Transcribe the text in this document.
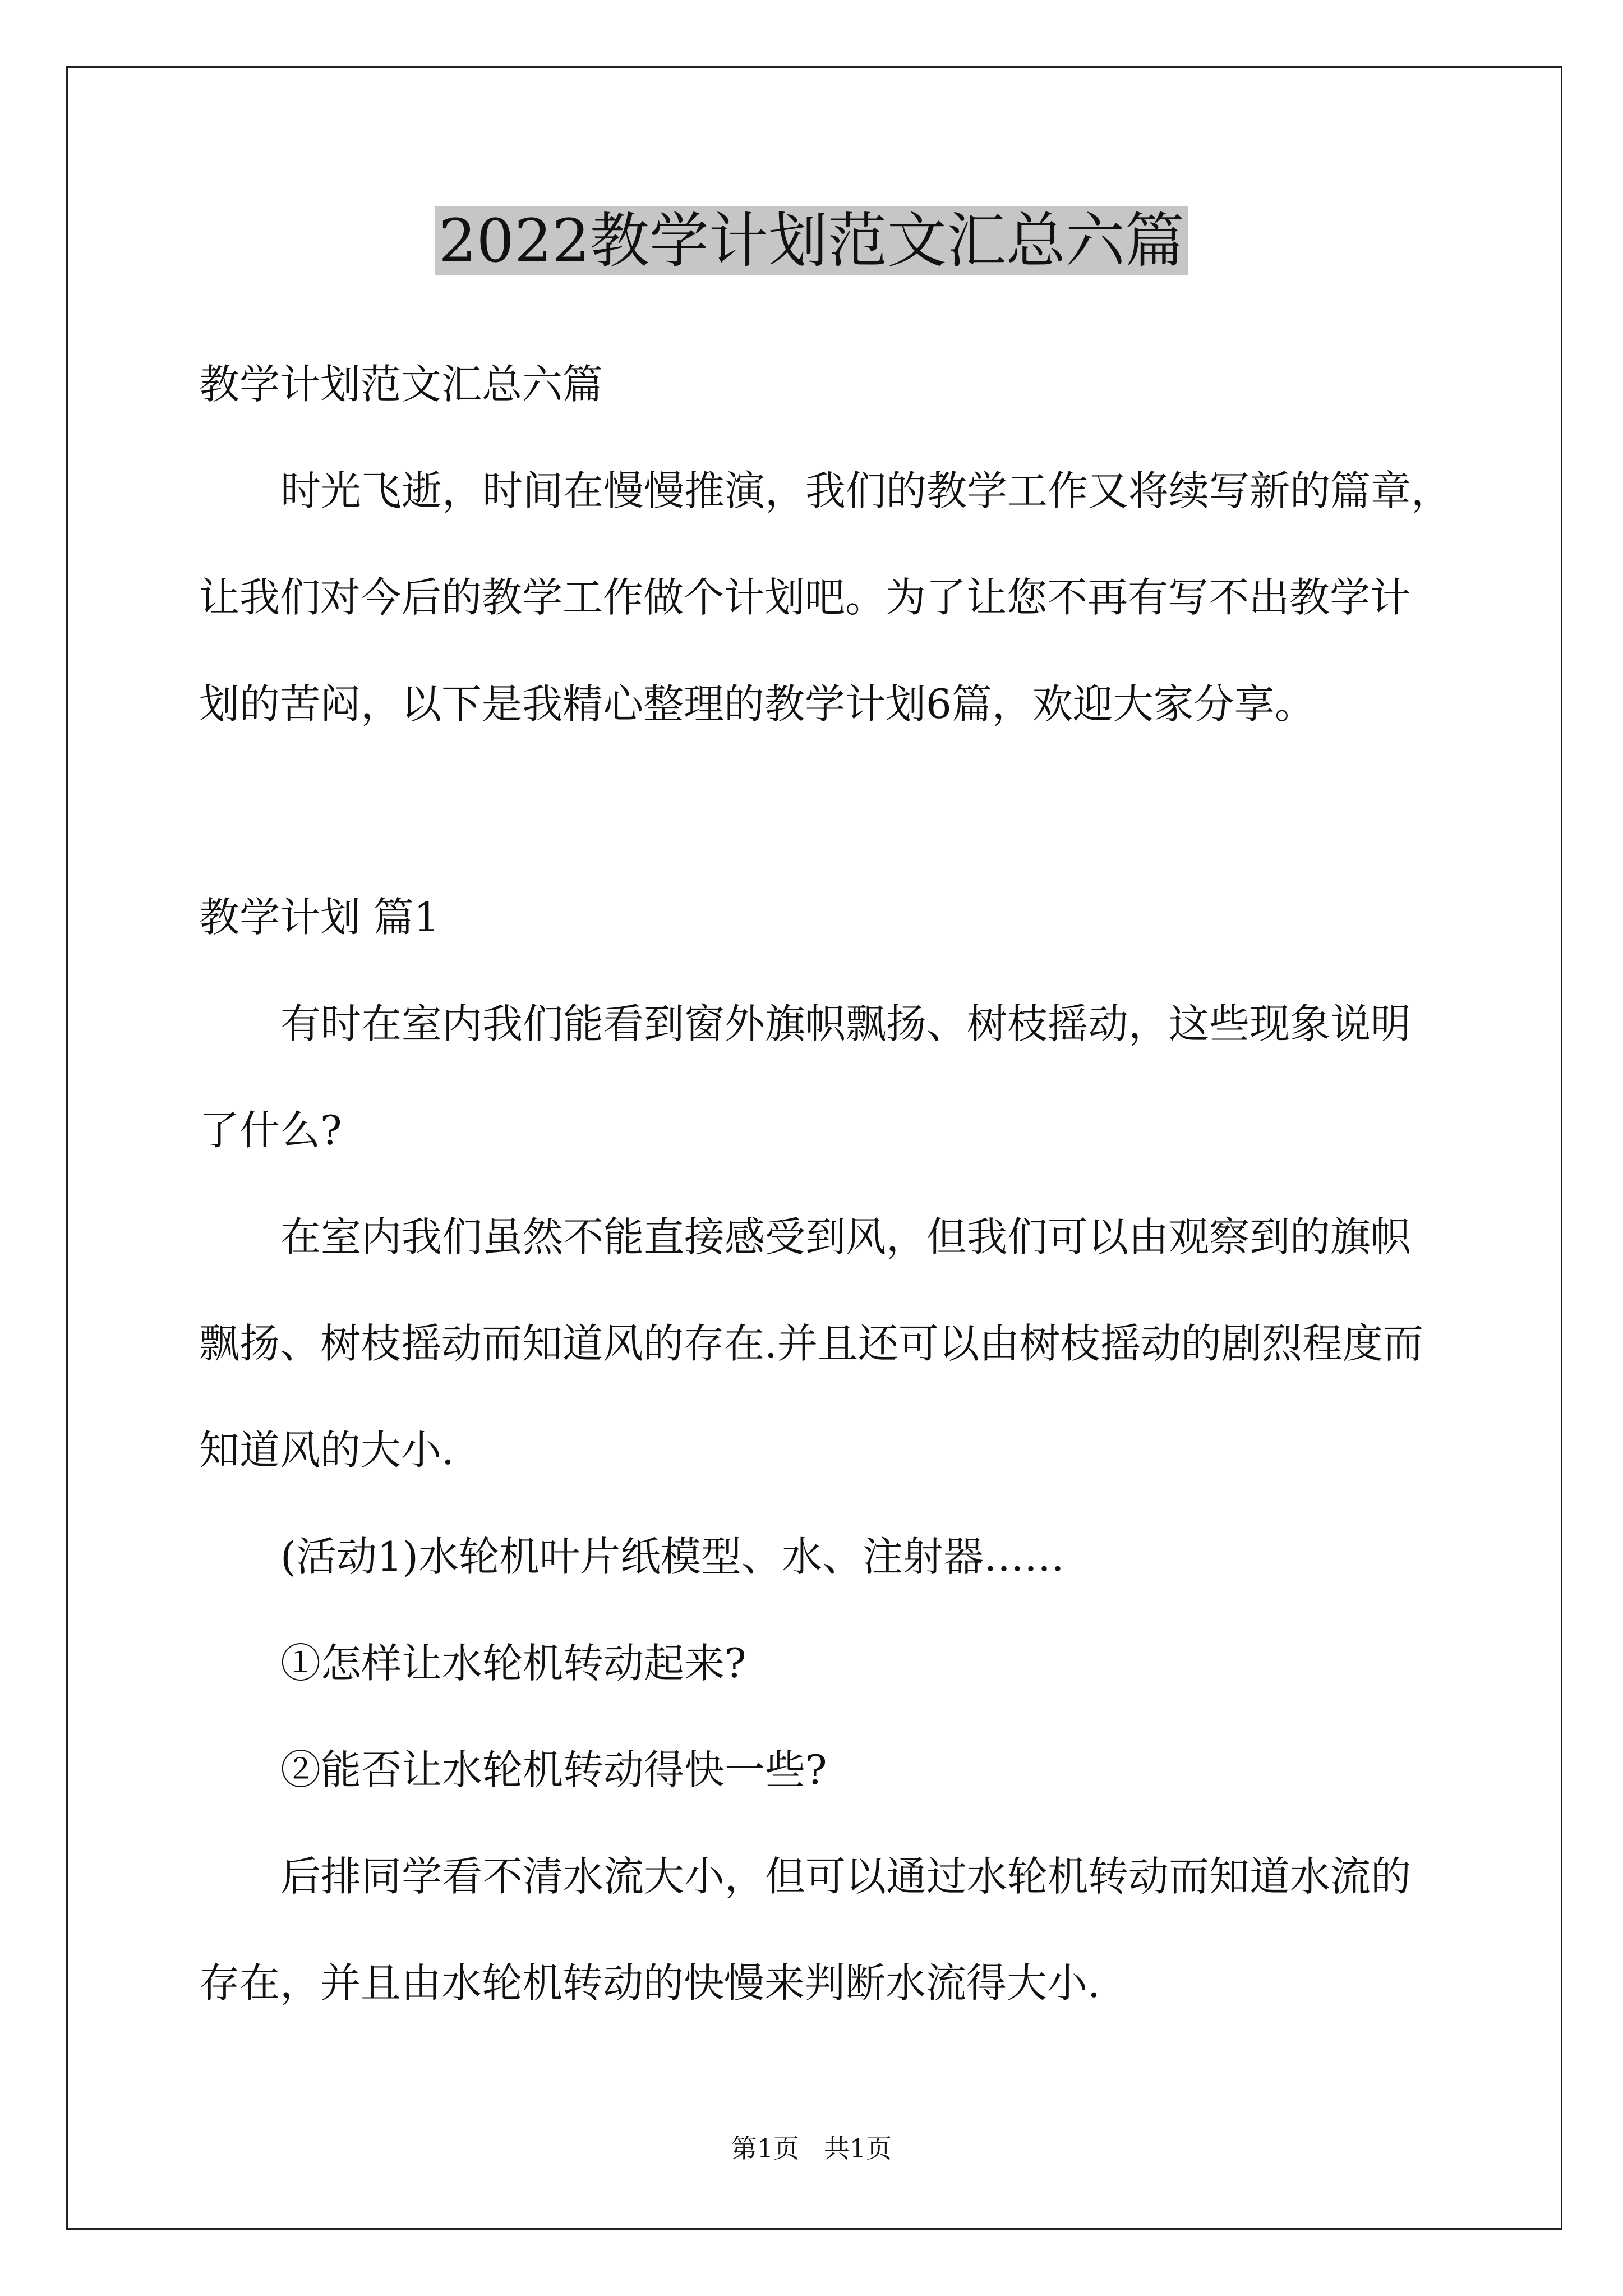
2022教学计划范文汇总六篇

教学计划范文汇总六篇

时光飞逝，时间在慢慢推演，我们的教学工作又将续写新的篇章，

让我们对今后的教学工作做个计划吧。为了让您不再有写不出教学计

划的苦闷，以下是我精心整理的教学计划6篇，欢迎大家分享。

教学计划 篇1

有时在室内我们能看到窗外旗帜飘扬、树枝摇动，这些现象说明

了什么?

在室内我们虽然不能直接感受到风，但我们可以由观察到的旗帜

飘扬、树枝摇动而知道风的存在.并且还可以由树枝摇动的剧烈程度而

知道风的大小.

(活动1)水轮机叶片纸模型、水、注射器……

①怎样让水轮机转动起来?

②能否让水轮机转动得快一些?

后排同学看不清水流大小，但可以通过水轮机转动而知道水流的

存在，并且由水轮机转动的快慢来判断水流得大小.

第1页   共1页
